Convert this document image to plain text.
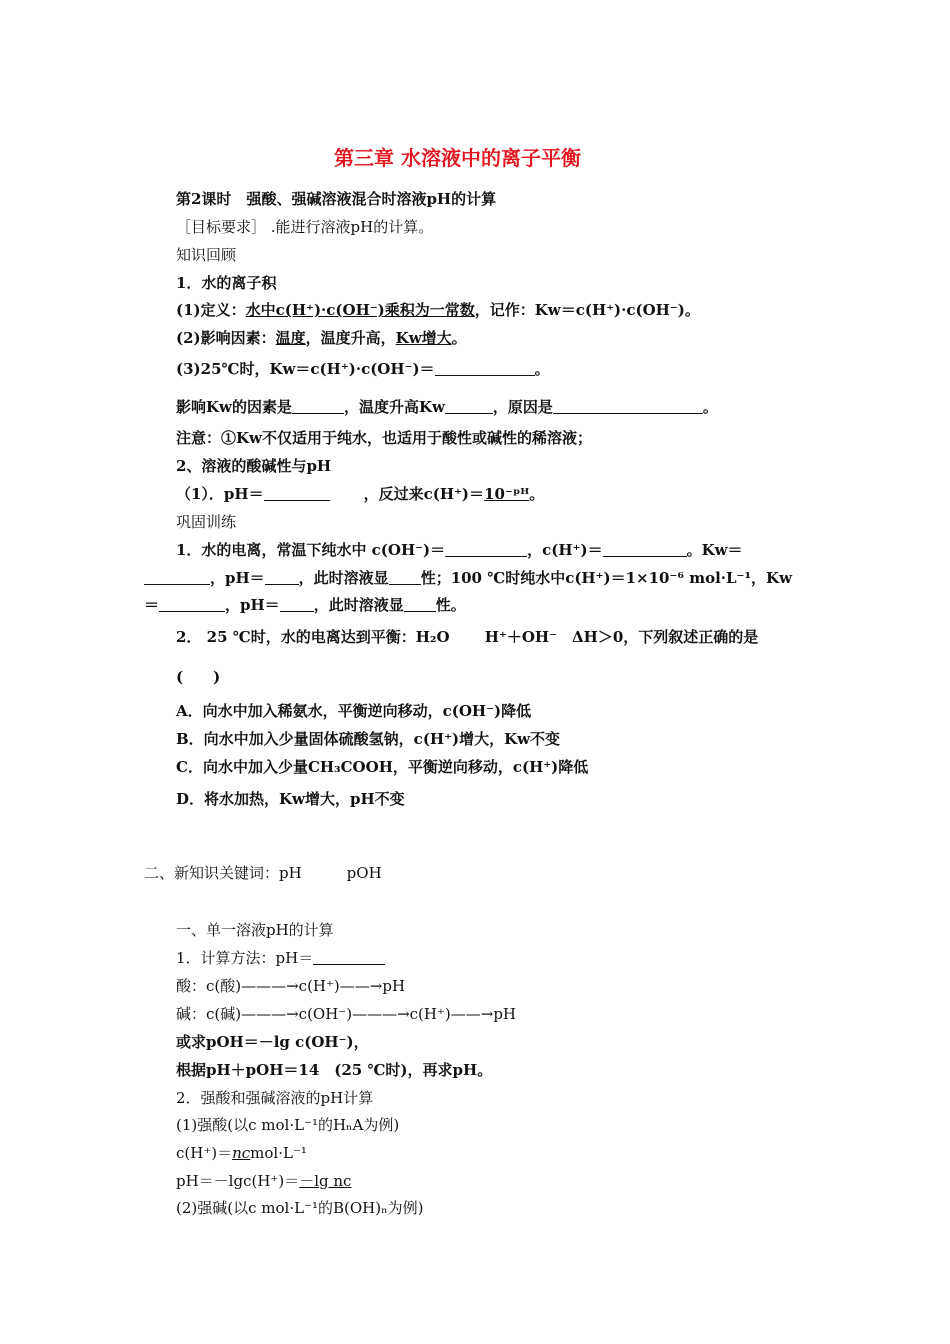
第三章 水溶液中的离子平衡
第2课时　强酸、强碱溶液混合时溶液pH的计算
［目标要求］ .能进行溶液pH的计算。
知识回顾
1．水的离子积
(1)定义：水中c(H⁺)·c(OH⁻)乘积为一常数，记作：Kw＝c(H⁺)·c(OH⁻)。
(2)影响因素：温度，温度升高，Kw增大。
(3)25℃时，Kw＝c(H⁺)·c(OH⁻)＝	。
影响Kw的因素是	，温度升高Kw	，原因是	。
注意：①Kw不仅适用于纯水，也适用于酸性或碱性的稀溶液；
2、溶液的酸碱性与pH
（1）．pH＝	，反过来c(H⁺)＝10⁻ᵖᴴ。
巩固训练
1．水的电离，常温下纯水中 c(OH⁻)＝	，c(H⁺)＝	。Kw＝
，pH＝ ，此时溶液显 性；100 ℃时纯水中c(H⁺)＝1×10⁻⁶ mol·L⁻¹，Kw
＝	，pH＝ ，此时溶液显 性。
2． 25 ℃时，水的电离达到平衡：H₂O　　 H⁺＋OH⁻　ΔH＞0，下列叙述正确的是
(　　)
A．向水中加入稀氨水，平衡逆向移动，c(OH⁻)降低
B．向水中加入少量固体硫酸氢钠，c(H⁺)增大，Kw不变
C．向水中加入少量CH₃COOH，平衡逆向移动，c(H⁺)降低
D．将水加热，Kw增大，pH不变
二、新知识关键词：pH　　　pOH
一、单一溶液pH的计算
1．计算方法：pH＝
酸：c(酸)———→c(H⁺)——→pH
碱：c(碱)———→c(OH⁻)———→c(H⁺)——→pH
或求pOH＝－lg c(OH⁻)，
根据pH＋pOH＝14　(25 ℃时)，再求pH。
2．强酸和强碱溶液的pH计算
(1)强酸(以c mol·L⁻¹的HₙA为例)
c(H⁺)＝ncmol·L⁻¹
pH＝－lgc(H⁺)＝－lg nc
(2)强碱(以c mol·L⁻¹的B(OH)ₙ为例)
